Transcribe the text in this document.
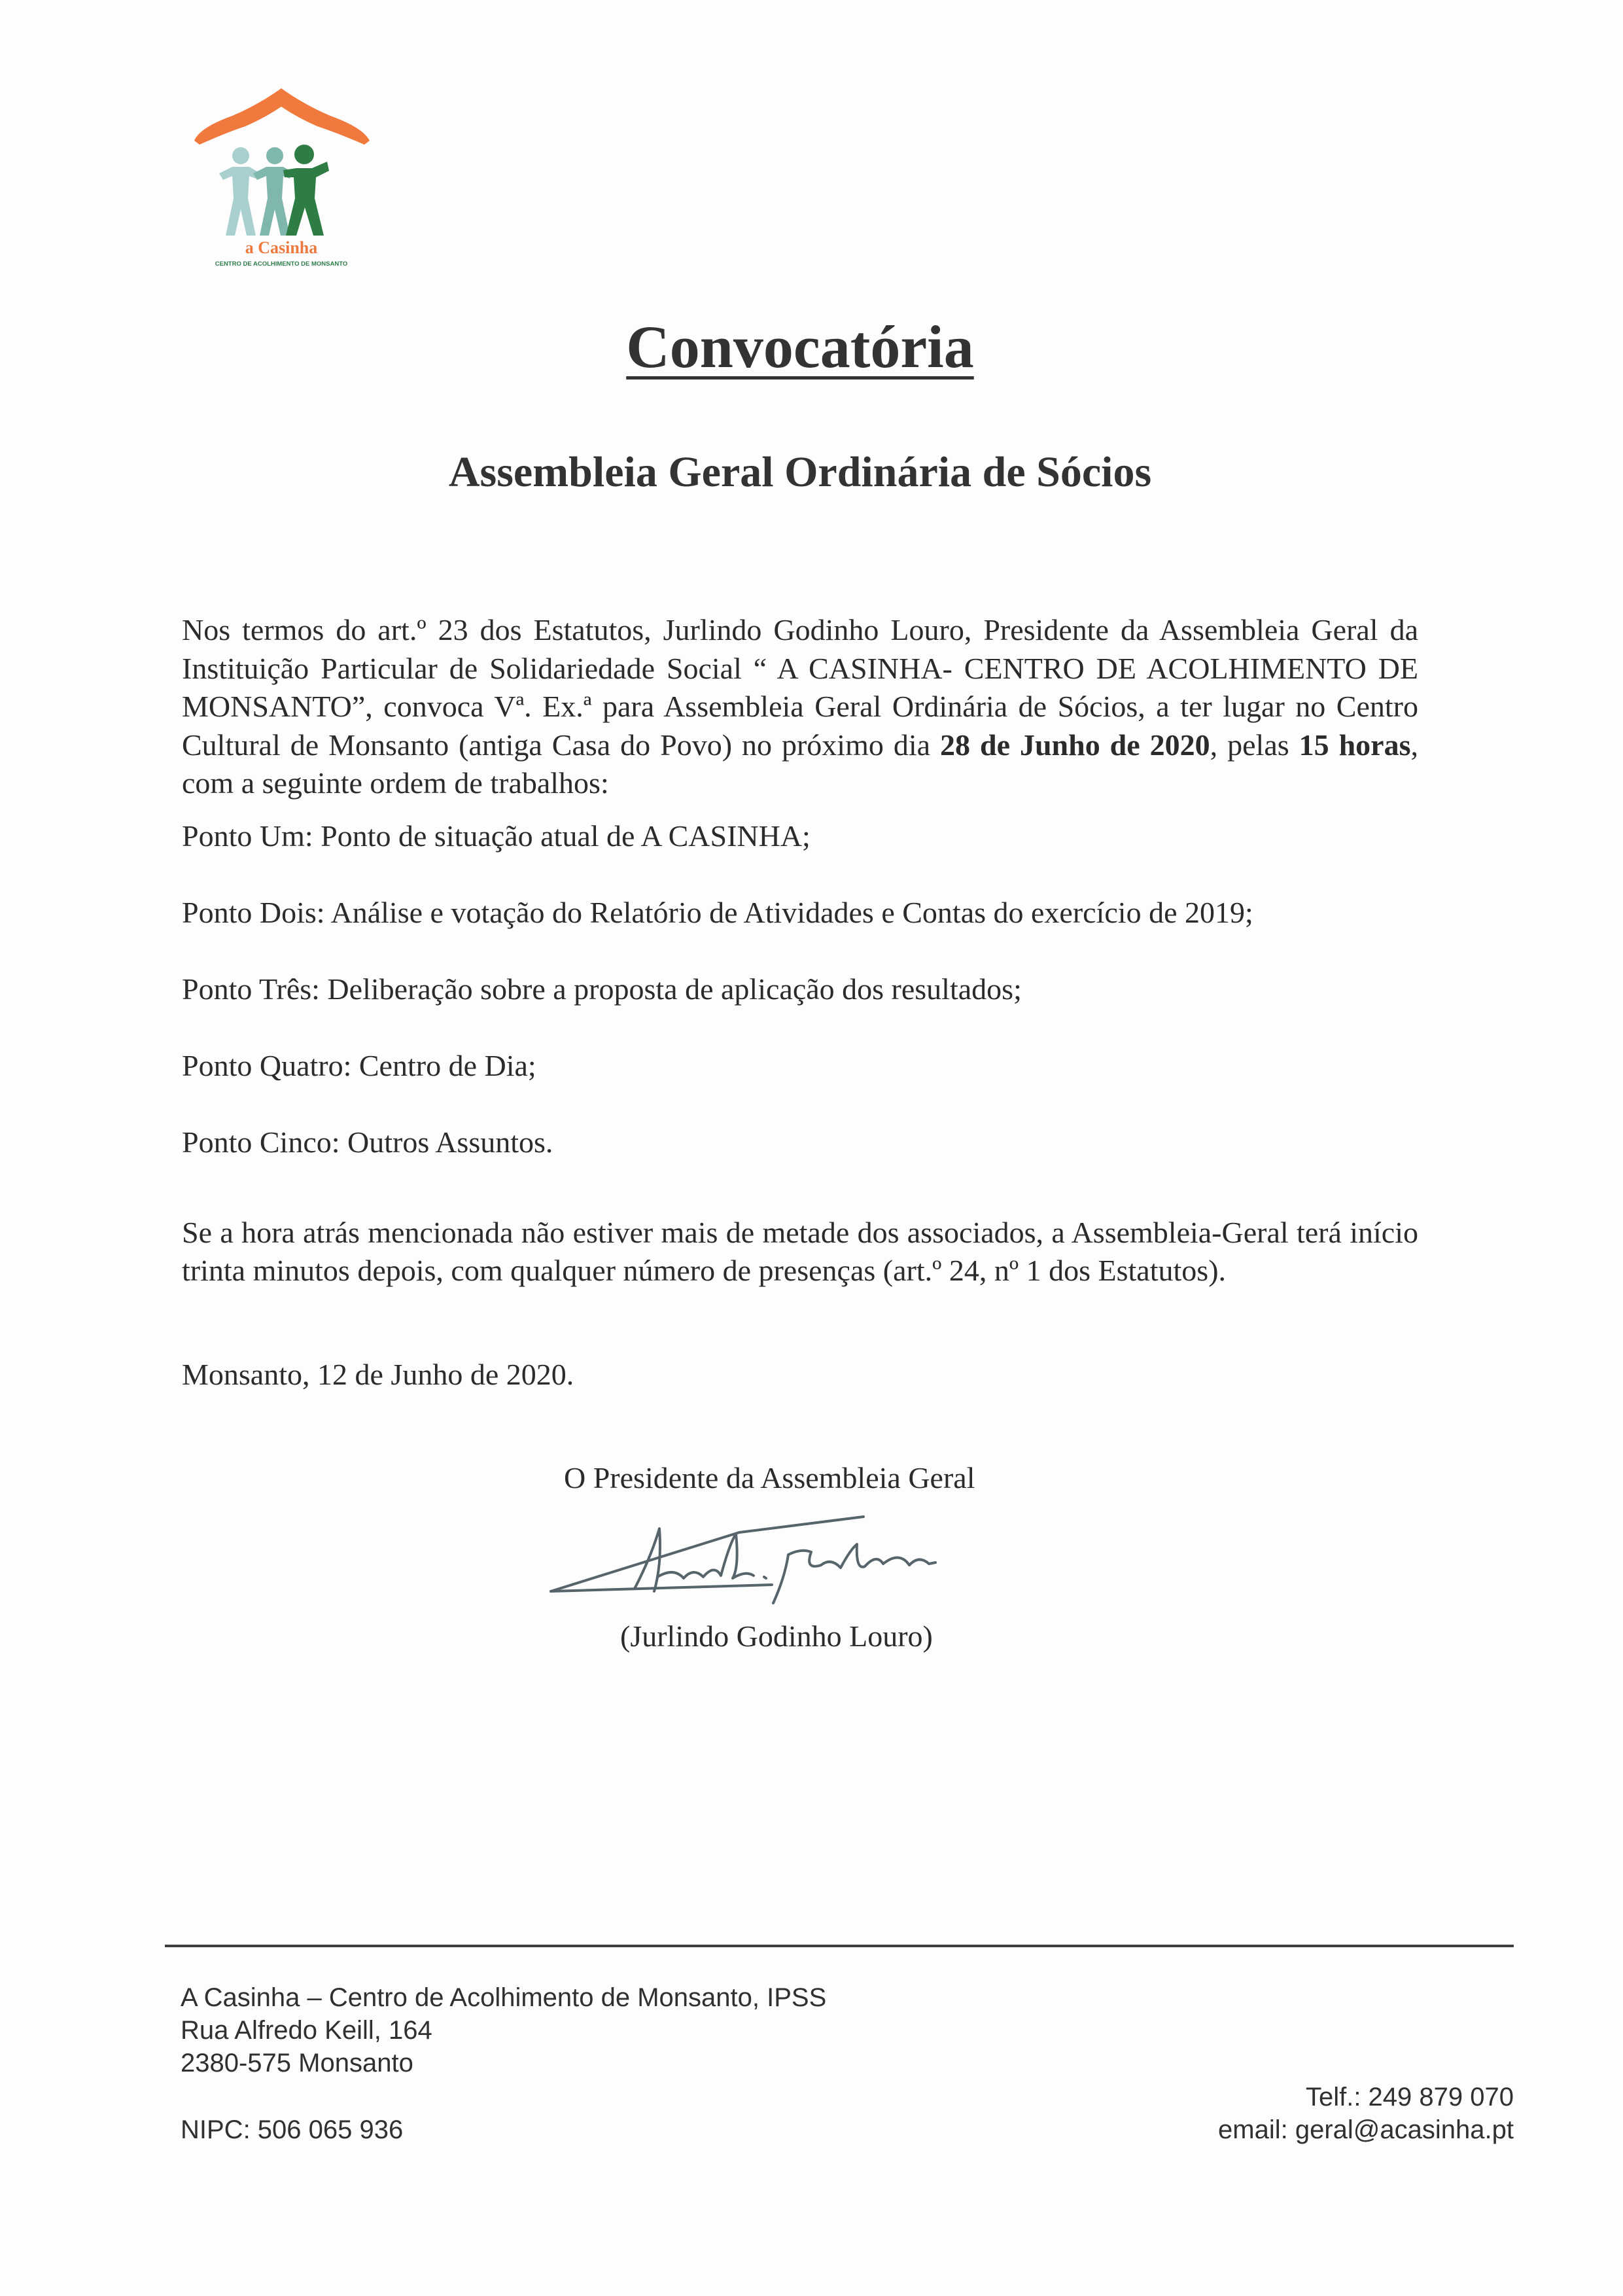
a Casinha
CENTRO DE ACOLHIMENTO DE MONSANTO
Convocatória
Assembleia Geral Ordinária de Sócios

Nos termos do art.º 23 dos Estatutos, Jurlindo Godinho Louro, Presidente da Assembleia Geral da Instituição Particular de Solidariedade Social “ A CASINHA- CENTRO DE ACOLHIMENTO DE MONSANTO”, convoca Vª. Ex.ª para Assembleia Geral Ordinária de Sócios, a ter lugar no Centro Cultural de Monsanto (antiga Casa do Povo) no próximo dia 28 de Junho de 2020, pelas 15 horas, com a seguinte ordem de trabalhos:

Ponto Um: Ponto de situação atual de A CASINHA;
Ponto Dois: Análise e votação do Relatório de Atividades e Contas do exercício de 2019;
Ponto Três: Deliberação sobre a proposta de aplicação dos resultados;
Ponto Quatro: Centro de Dia;
Ponto Cinco: Outros Assuntos.

Se a hora atrás mencionada não estiver mais de metade dos associados, a Assembleia-Geral terá início trinta minutos depois, com qualquer número de presenças (art.º 24, nº 1 dos Estatutos).

Monsanto, 12 de Junho de 2020.
O Presidente da Assembleia Geral
(Jurlindo Godinho Louro)
A Casinha – Centro de Acolhimento de Monsanto, IPSS
Rua Alfredo Keill, 164
2380-575 Monsanto
NIPC: 506 065 936
Telf.: 249 879 070
email: geral@acasinha.pt
